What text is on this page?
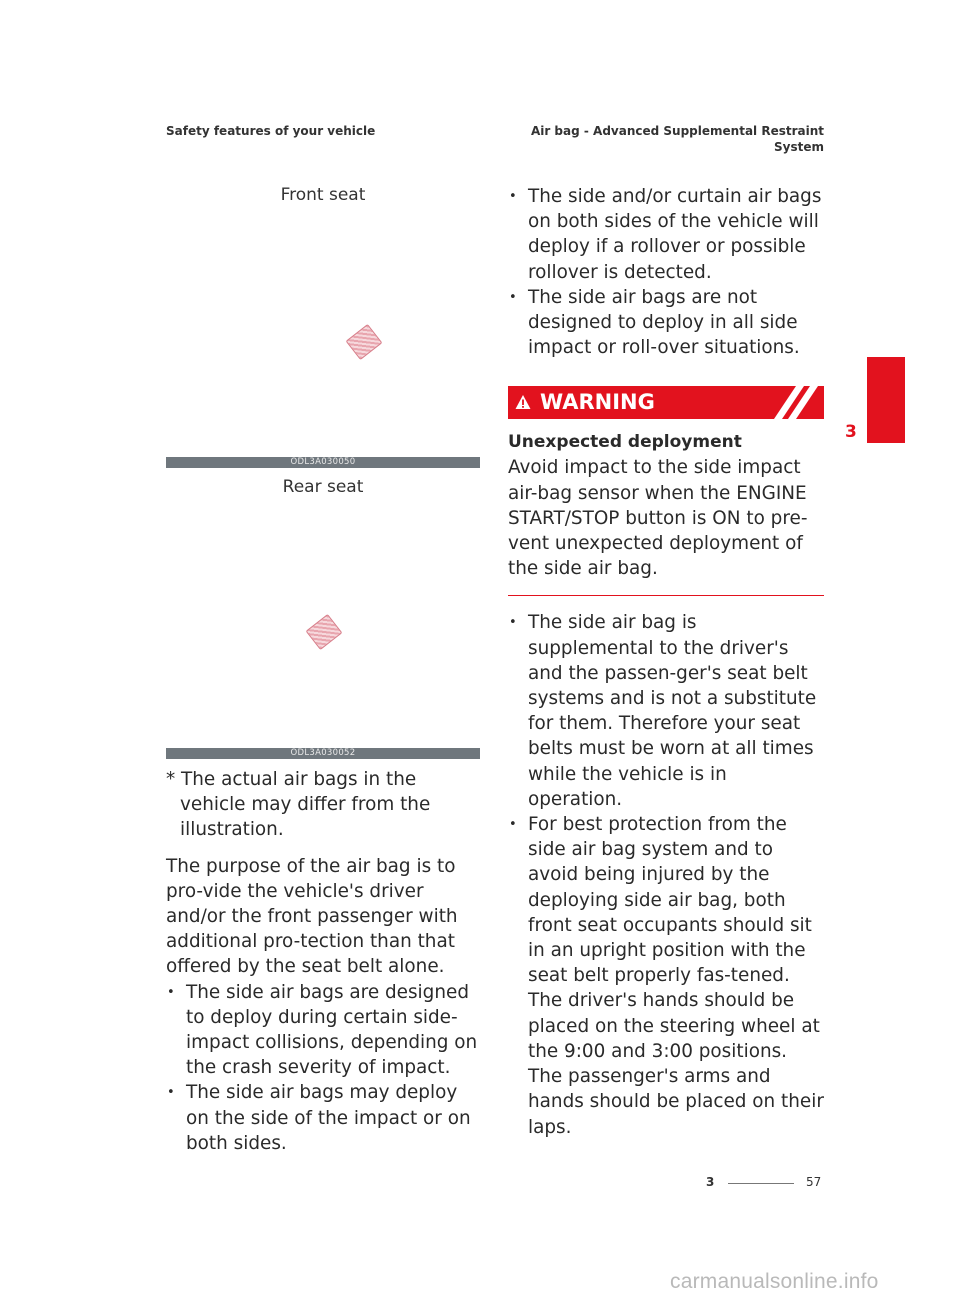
Safety features of your vehicle	Air bag - Advanced Supplemental Restraint
System
Front seat
ODL3A030050
Rear seat
ODL3A030052

* The actual air bags in the vehicle may differ from the illustration.

The purpose of the air bag is to pro-vide the vehicle's driver and/or the front passenger with additional pro-tection than that offered by the seat belt alone.

• The side air bags are designed to deploy during certain side-impact collisions, depending on the crash severity of impact.
• The side air bags may deploy on the side of the impact or on both sides.
• The side and/or curtain air bags on both sides of the vehicle will deploy if a rollover or possible rollover is detected.
• The side air bags are not designed to deploy in all side impact or roll-over situations.
WARNING
Unexpected deployment

Avoid impact to the side impact air-bag sensor when the ENGINE START/STOP button is ON to pre-vent unexpected deployment of the side air bag.

• The side air bag is supplemental to the driver's and the passen-ger's seat belt systems and is not a substitute for them. Therefore your seat belts must be worn at all times while the vehicle is in operation.
• For best protection from the side air bag system and to avoid being injured by the deploying side air bag, both front seat occupants should sit in an upright position with the seat belt properly fas-tened. The driver's hands should be placed on the steering wheel at the 9:00 and 3:00 positions. The passenger's arms and hands should be placed on their laps.
3
3	57
carmanualsonline.info
